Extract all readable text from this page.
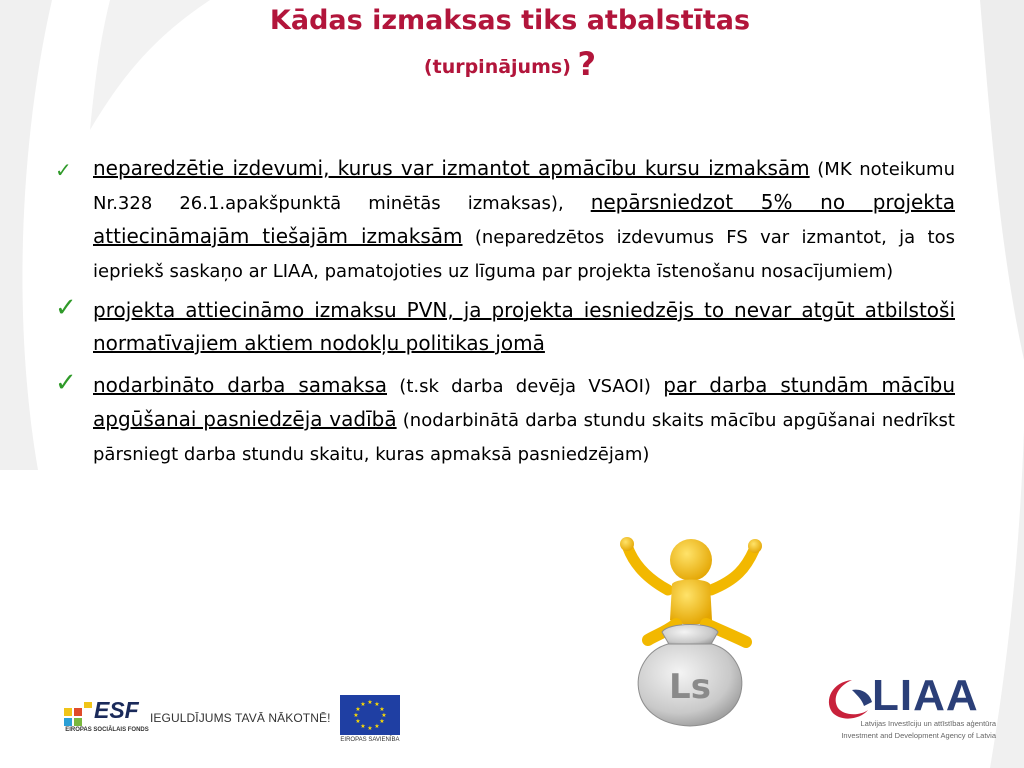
Kādas izmaksas tiks atbalstītas
(turpinājums) ?
✓ neparedzētie izdevumi, kurus var izmantot apmācību kursu izmaksām (MK noteikumu Nr.328 26.1.apakšpunktā minētās izmaksas), nepārsniedzot 5% no projekta attiecināmajām tiešajām izmaksām (neparedzētos izdevumus FS var izmantot, ja tos iepriekš saskaņo ar LIAA, pamatojoties uz līguma par projekta īstenošanu nosacījumiem)
✓ projekta attiecināmo izmaksu PVN, ja projekta iesniedzējs to nevar atgūt atbilstoši normatīvajiem aktiem nodokļu politikas jomā
✓ nodarbināto darba samaksa (t.sk darba devēja VSAOI) par darba stundām mācību apgūšanai pasniedzēja vadībā (nodarbinātā darba stundu skaits mācību apgūšanai nedrīkst pārsniegt darba stundu skaitu, kuras apmaksā pasniedzējam)
Ls
ESF
EIROPAS SOCIĀLAIS FONDS
IEGULDĪJUMS TAVĀ NĀKOTNĒ!
★ ★
★
★
★
★
★
★
★
★
★
★
EIROPAS SAVIENĪBA
LIAA
Latvijas Investīciju un attīstības aģentūra
Investment and Development Agency of Latvia
